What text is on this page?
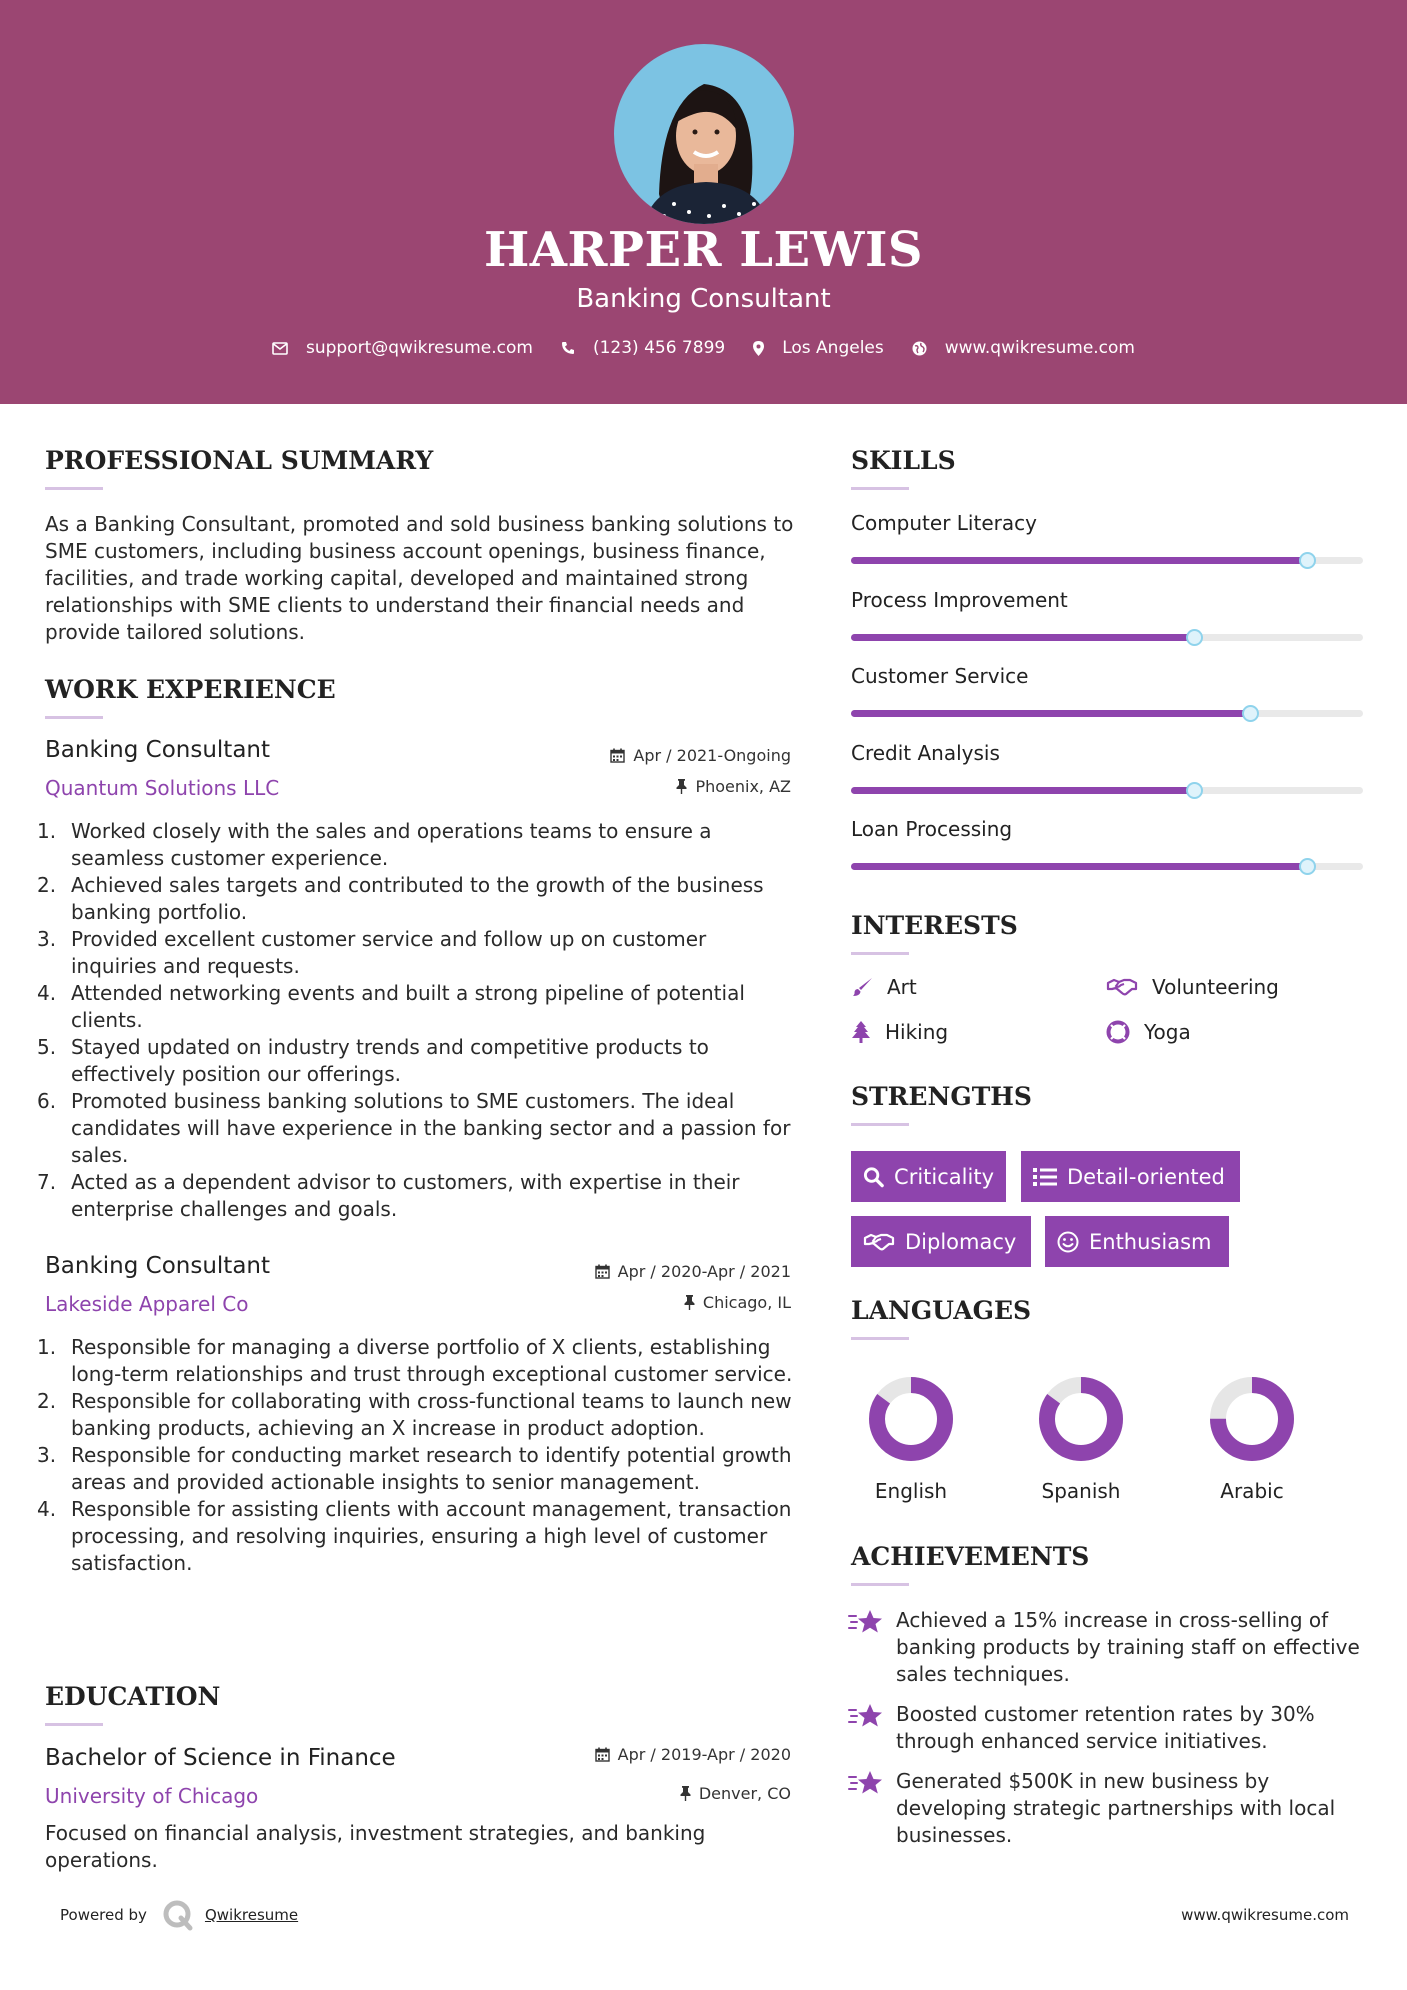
HARPER LEWIS
Banking Consultant
support@qwikresume.com	(123) 456 7899	Los Angeles	www.qwikresume.com
PROFESSIONAL SUMMARY
As a Banking Consultant, promoted and sold business banking solutions to SME customers, including business account openings, business finance, facilities, and trade working capital, developed and maintained strong relationships with SME clients to understand their financial needs and provide tailored solutions.
WORK EXPERIENCE
Banking Consultant
Quantum Solutions LLC
Apr / 2021-Ongoing
Phoenix, AZ
1. Worked closely with the sales and operations teams to ensure a seamless customer experience.
2. Achieved sales targets and contributed to the growth of the business banking portfolio.
3. Provided excellent customer service and follow up on customer inquiries and requests.
4. Attended networking events and built a strong pipeline of potential clients.
5. Stayed updated on industry trends and competitive products to effectively position our offerings.
6. Promoted business banking solutions to SME customers. The ideal candidates will have experience in the banking sector and a passion for sales.
7. Acted as a dependent advisor to customers, with expertise in their enterprise challenges and goals.
Banking Consultant
Lakeside Apparel Co
Apr / 2020-Apr / 2021
Chicago, IL
1. Responsible for managing a diverse portfolio of X clients, establishing long-term relationships and trust through exceptional customer service.
2. Responsible for collaborating with cross-functional teams to launch new banking products, achieving an X increase in product adoption.
3. Responsible for conducting market research to identify potential growth areas and provided actionable insights to senior management.
4. Responsible for assisting clients with account management, transaction processing, and resolving inquiries, ensuring a high level of customer satisfaction.
EDUCATION
Bachelor of Science in Finance
University of Chicago
Apr / 2019-Apr / 2020
Denver, CO
Focused on financial analysis, investment strategies, and banking operations.
SKILLS
Computer Literacy
Process Improvement
Customer Service
Credit Analysis
Loan Processing
INTERESTS
Art	Volunteering
Hiking	Yoga
STRENGTHS
Criticality	Detail-oriented
Diplomacy	Enthusiasm
LANGUAGES
English	Spanish	Arabic
ACHIEVEMENTS
Achieved a 15% increase in cross-selling of banking products by training staff on effective sales techniques.
Boosted customer retention rates by 30% through enhanced service initiatives.
Generated $500K in new business by developing strategic partnerships with local businesses.
Powered by	Qwikresume	www.qwikresume.com
